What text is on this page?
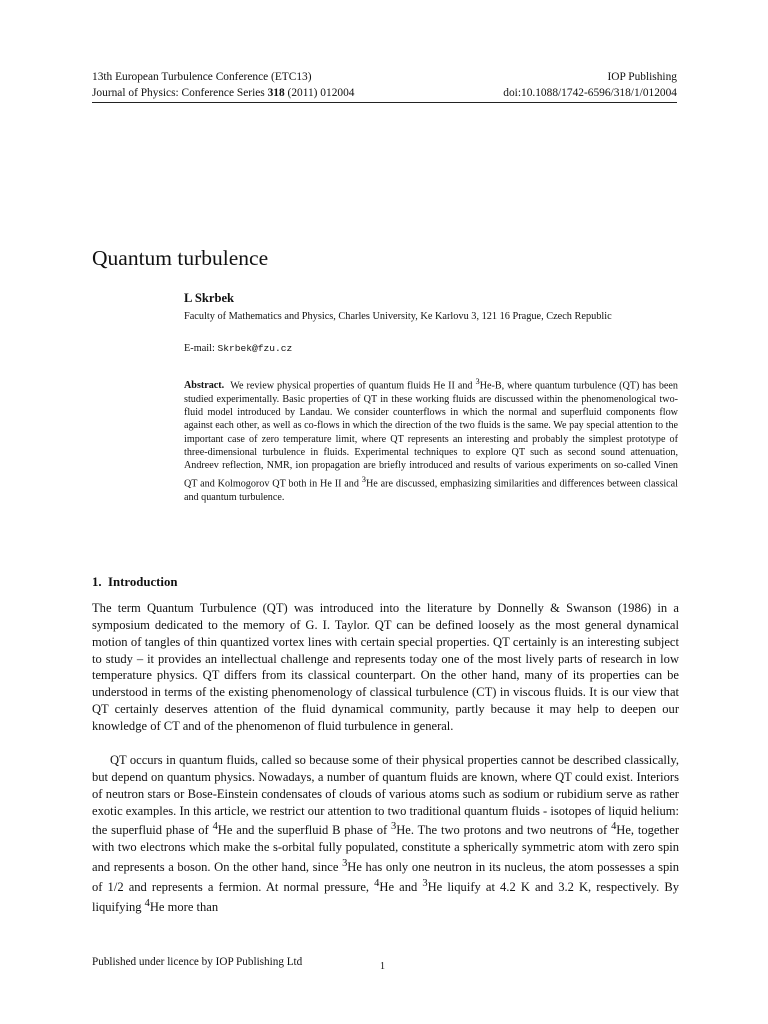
13th European Turbulence Conference (ETC13)	IOP Publishing
Journal of Physics: Conference Series 318 (2011) 012004	doi:10.1088/1742-6596/318/1/012004
Quantum turbulence
L Skrbek
Faculty of Mathematics and Physics, Charles University, Ke Karlovu 3, 121 16 Prague, Czech Republic
E-mail: Skrbek@fzu.cz

Abstract. We review physical properties of quantum fluids He II and $^3$He-B, where quantum turbulence (QT) has been studied experimentally. Basic properties of QT in these working fluids are discussed within the phenomenological two-fluid model introduced by Landau. We consider counterflows in which the normal and superfluid components flow against each other, as well as co-flows in which the direction of the two fluids is the same. We pay special attention to the important case of zero temperature limit, where QT represents an interesting and probably the simplest prototype of three-dimensional turbulence in fluids. Experimental techniques to explore QT such as second sound attenuation, Andreev reflection, NMR, ion propagation are briefly introduced and results of various experiments on so-called Vinen QT and Kolmogorov QT both in He II and $^3$He are discussed, emphasizing similarities and differences between classical and quantum turbulence.

1. Introduction

The term Quantum Turbulence (QT) was introduced into the literature by Donnelly & Swanson (1986) in a symposium dedicated to the memory of G. I. Taylor. QT can be defined loosely as the most general dynamical motion of tangles of thin quantized vortex lines with certain special properties. QT certainly is an interesting subject to study – it provides an intellectual challenge and represents today one of the most lively parts of research in low temperature physics. QT differs from its classical counterpart. On the other hand, many of its properties can be understood in terms of the existing phenomenology of classical turbulence (CT) in viscous fluids. It is our view that QT certainly deserves attention of the fluid dynamical community, partly because it may help to deepen our knowledge of CT and of the phenomenon of fluid turbulence in general.

QT occurs in quantum fluids, called so because some of their physical properties cannot be described classically, but depend on quantum physics. Nowadays, a number of quantum fluids are known, where QT could exist. Interiors of neutron stars or Bose-Einstein condensates of clouds of various atoms such as sodium or rubidium serve as rather exotic examples. In this article, we restrict our attention to two traditional quantum fluids - isotopes of liquid helium: the superfluid phase of $^4$He and the superfluid B phase of $^3$He. The two protons and two neutrons of $^4$He, together with two electrons which make the s-orbital fully populated, constitute a spherically symmetric atom with zero spin and represents a boson. On the other hand, since $^3$He has only one neutron in its nucleus, the atom possesses a spin of 1/2 and represents a fermion. At normal pressure, $^4$He and $^3$He liquify at 4.2 K and 3.2 K, respectively. By liquifying $^4$He more than

Published under licence by IOP Publishing Ltd	1
